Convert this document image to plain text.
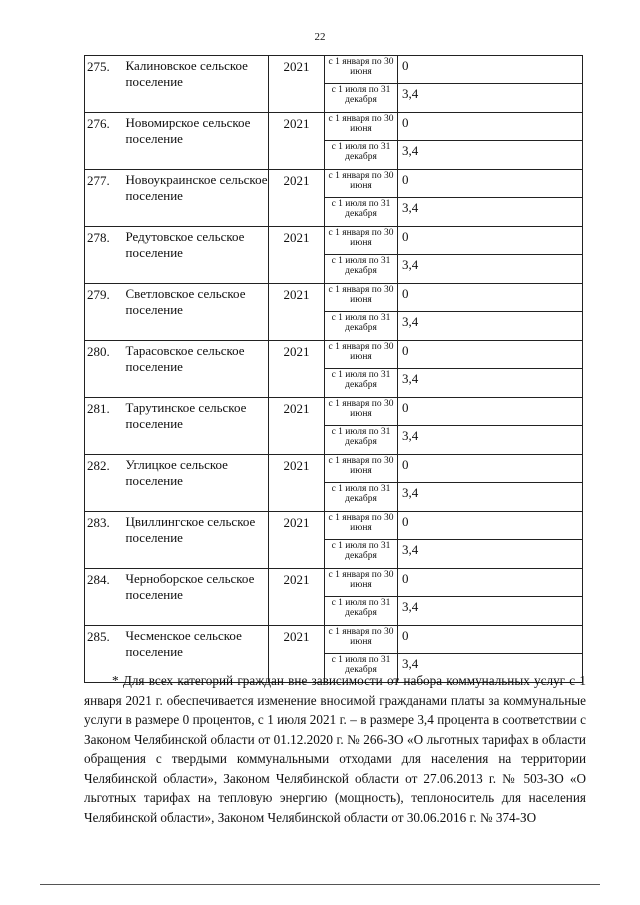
22
275.	Калиновское сельское поселение	2021	с 1 января по 30 июня	0
			с 1 июля по 31 декабря	3,4
276.	Новомирское сельское поселение	2021	с 1 января по 30 июня	0
			с 1 июля по 31 декабря	3,4
277.	Новоукраинское сельское поселение	2021	с 1 января по 30 июня	0
			с 1 июля по 31 декабря	3,4
278.	Редутовское сельское поселение	2021	с 1 января по 30 июня	0
			с 1 июля по 31 декабря	3,4
279.	Светловское сельское поселение	2021	с 1 января по 30 июня	0
			с 1 июля по 31 декабря	3,4
280.	Тарасовское сельское поселение	2021	с 1 января по 30 июня	0
			с 1 июля по 31 декабря	3,4
281.	Тарутинское сельское поселение	2021	с 1 января по 30 июня	0
			с 1 июля по 31 декабря	3,4
282.	Углицкое сельское поселение	2021	с 1 января по 30 июня	0
			с 1 июля по 31 декабря	3,4
283.	Цвиллингское сельское поселение	2021	с 1 января по 30 июня	0
			с 1 июля по 31 декабря	3,4
284.	Черноборское сельское поселение	2021	с 1 января по 30 июня	0
			с 1 июля по 31 декабря	3,4
285.	Чесменское сельское поселение	2021	с 1 января по 30 июня	0
			с 1 июля по 31 декабря	3,4

* Для всех категорий граждан вне зависимости от набора коммунальных услуг с 1 января 2021 г. обеспечивается изменение вносимой гражданами платы за коммунальные услуги в размере 0 процентов, с 1 июля 2021 г. – в размере 3,4 процента в соответствии с Законом Челябинской области от 01.12.2020 г. № 266-ЗО «О льготных тарифах в области обращения с твердыми коммунальными отходами для населения на территории Челябинской области», Законом Челябинской области от 27.06.2013 г. № 503-ЗО «О льготных тарифах на тепловую энергию (мощность), теплоноситель для населения Челябинской области», Законом Челябинской области от 30.06.2016 г. № 374-ЗО
